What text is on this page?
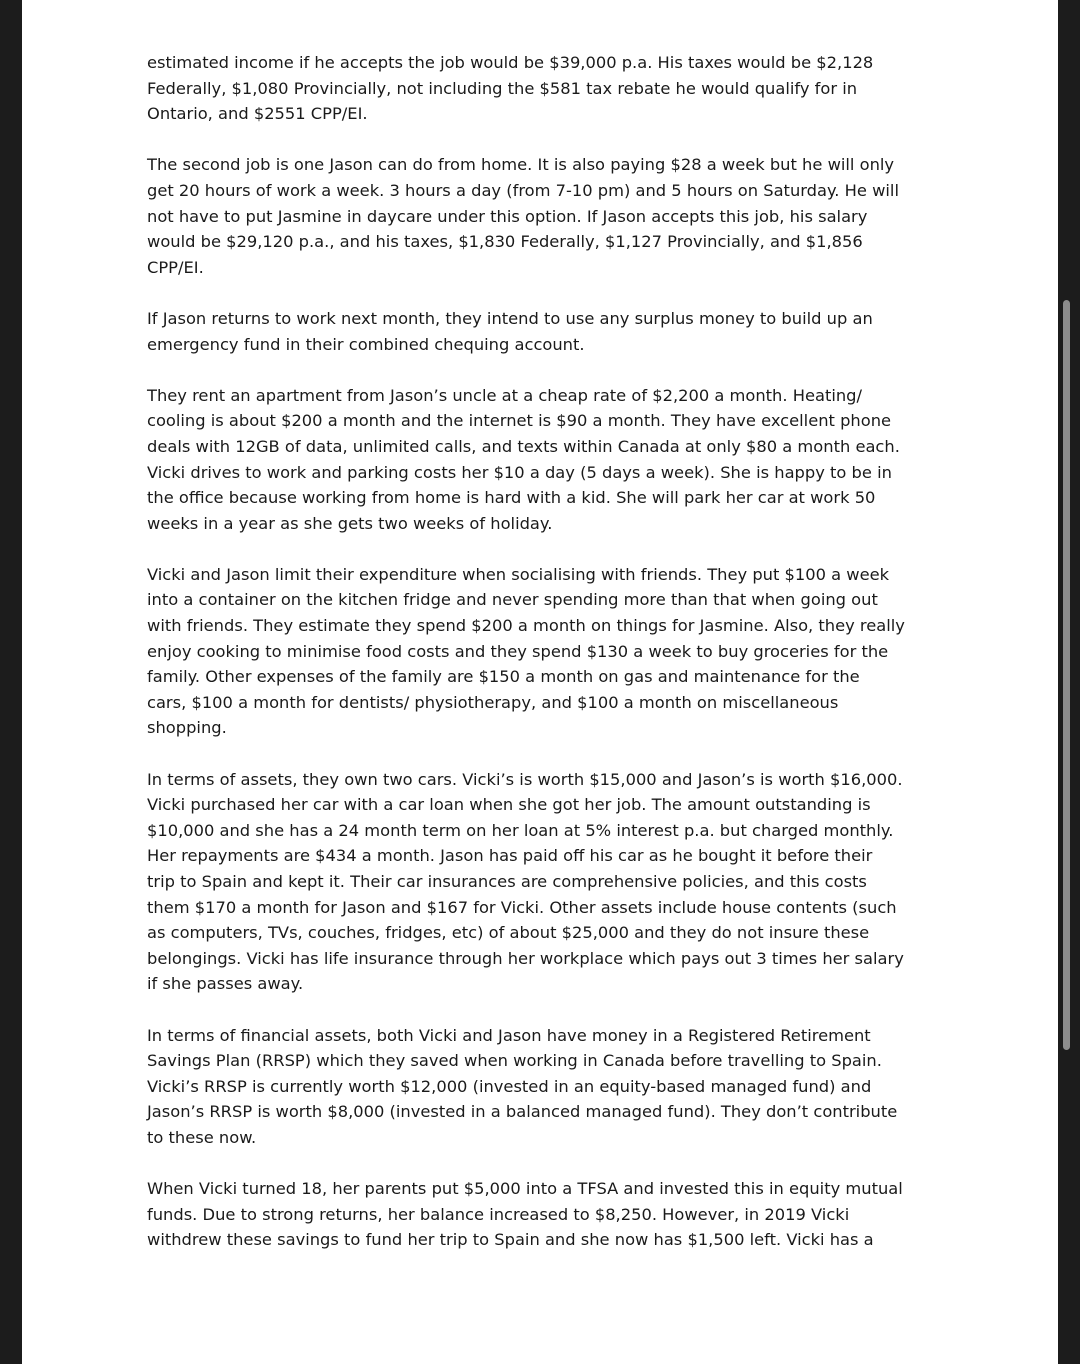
estimated income if he accepts the job would be $39,000 p.a. His taxes would be $2,128
Federally, $1,080 Provincially, not including the $581 tax rebate he would qualify for in
Ontario, and $2551 CPP/EI.

The second job is one Jason can do from home. It is also paying $28 a week but he will only
get 20 hours of work a week. 3 hours a day (from 7-10 pm) and 5 hours on Saturday. He will
not have to put Jasmine in daycare under this option. If Jason accepts this job, his salary
would be $29,120 p.a., and his taxes, $1,830 Federally, $1,127 Provincially, and $1,856
CPP/EI.

If Jason returns to work next month, they intend to use any surplus money to build up an
emergency fund in their combined chequing account.

They rent an apartment from Jason’s uncle at a cheap rate of $2,200 a month. Heating/
cooling is about $200 a month and the internet is $90 a month. They have excellent phone
deals with 12GB of data, unlimited calls, and texts within Canada at only $80 a month each.
Vicki drives to work and parking costs her $10 a day (5 days a week). She is happy to be in
the office because working from home is hard with a kid. She will park her car at work 50
weeks in a year as she gets two weeks of holiday.

Vicki and Jason limit their expenditure when socialising with friends. They put $100 a week
into a container on the kitchen fridge and never spending more than that when going out
with friends. They estimate they spend $200 a month on things for Jasmine. Also, they really
enjoy cooking to minimise food costs and they spend $130 a week to buy groceries for the
family. Other expenses of the family are $150 a month on gas and maintenance for the
cars, $100 a month for dentists/ physiotherapy, and $100 a month on miscellaneous
shopping.

In terms of assets, they own two cars. Vicki’s is worth $15,000 and Jason’s is worth $16,000.
Vicki purchased her car with a car loan when she got her job. The amount outstanding is
$10,000 and she has a 24 month term on her loan at 5% interest p.a. but charged monthly.
Her repayments are $434 a month. Jason has paid off his car as he bought it before their
trip to Spain and kept it. Their car insurances are comprehensive policies, and this costs
them $170 a month for Jason and $167 for Vicki. Other assets include house contents (such
as computers, TVs, couches, fridges, etc) of about $25,000 and they do not insure these
belongings. Vicki has life insurance through her workplace which pays out 3 times her salary
if she passes away.

In terms of financial assets, both Vicki and Jason have money in a Registered Retirement
Savings Plan (RRSP) which they saved when working in Canada before travelling to Spain.
Vicki’s RRSP is currently worth $12,000 (invested in an equity-based managed fund) and
Jason’s RRSP is worth $8,000 (invested in a balanced managed fund). They don’t contribute
to these now.

When Vicki turned 18, her parents put $5,000 into a TFSA and invested this in equity mutual
funds. Due to strong returns, her balance increased to $8,250. However, in 2019 Vicki
withdrew these savings to fund her trip to Spain and she now has $1,500 left. Vicki has a
